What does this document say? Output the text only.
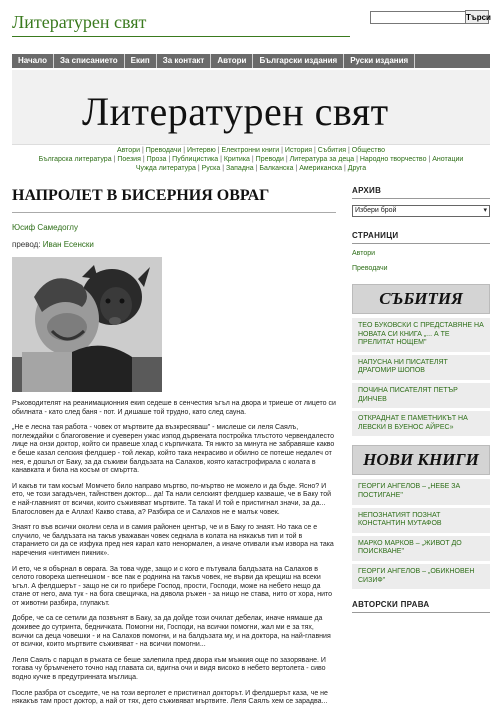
Литературен свят	Търси
Начало	За списанието	Екип	За контакт	Автори	Български издания	Руски издания
Литературен свят
Автори | Преводачи | Интервю | Електронни книги | История | Събития | Общество
Българска литература | Поезия | Проза | Публицистика | Критика | Преводи | Литература за деца | Народно творчество | Анотации
Чужда литература | Руска | Западна | Балканска | Американска | Друга
НАПРОЛЕТ В БИСЕРНИЯ ОВРАГ

Юсиф Самедоглу

превод: Иван Есенски

Ръководителят на реанимационния екип седеше в сенчестия ъгъл на двора и триеше от лицето си обилната - като след баня - пот. И дишаше той трудно, като след сауна.

„Не е лесна тая работа - човек от мъртвите да възкресяваш" - мислеше си леля Саялъ, поглеждайки с благоговение и суеверен ужас изпод дървената постройка тлъстото червендалесто лице на онзи доктор, който си правеше хлад с кърпичката. Тя никто за минута не забравяше какво е беше казал селския фелдшер - той лекар, който така некрасиво и обилно се потеше недалеч от нея, е дошъл от Баку, за да съживи балдъзата на Салахов, която катастрофирала с колата в канавката и била на косъм от смъртта.

И какъв ти там косъм! Момчето било направо мъртво, по-мъртво не можело и да бъде. Ясно? И ето, че този загадъчен, тайнствен доктор... да! Та нали селският фелдшер казваше, че в Баку той е най-главният от всички, които съживяват мъртвите. Та така! И той е пристигнал значи, за да... Благословен да е Аллах! Какво става, а? Разбира се и Салахов не е малък човек.

Знаят го във всички околни села и в самия районен център, че и в Баку го знаят. Но така се е случило, че балдъзата на такъв уважаван човек седнала в колата на някакъв тип и той в старанието си да се изфука пред нея карал като ненормален, а иначе отивали към извора на така наречения «интимен пикник».

И ето, че я обърнал в оврага. За това чуде, защо и с кого е пътувала балдъзата на Салахов в селото говореха шепнешком - все пак е роднина на такъв човек, не върви да крещиш на всеки ъгъл. А фелдшерът - защо не си го прибере Господ, прости, Господи, може на небето нещо да стане от него, ама тук - на бога свещичка, на дявола ръжен - за нищо не става, нито от хора, нито от животни разбира, глупакът.

Добре, че са се сетили да позвънят в Баку, за да дойде този очилат дебелак, иначе нямаше да доживее до сутринта, бедничката. Помогни ни, Господи, на всички помогни, жал ми е за тях, всички са деца човешки - и на Салахов помогни, и на балдъзата му, и на доктора, на най-главния от всички, които мъртвите съживяват - на всички помогни...

Леля Саялъ с парцал в ръката се беше залепила пред двора към мъжкия още по зазоряване. И тогава чу бръмченето точно над главата си, вдигна очи и видя високо в небето вертолета - сиво водно кучке в предутринната мъглица.

После разбра от съседите, че на този вертолет е пристигнал докторът. И фелдшерът каза, че не някакъв там прост доктор, а най от тях, дето съживяват мъртвите. Леля Саялъ хем се зарадва...

АРХИВ
Избери брой	▾
СТРАНИЦИ
Автори
Преводачи
СЪБИТИЯ
ТЕО БУКОВСКИ С ПРЕДСТАВЯНЕ НА НОВАТА СИ КНИГА „... А ТЕ ПРЕЛИТАТ НОЩЕМ"
НАПУСНА НИ ПИСАТЕЛЯТ ДРАГОМИР ШОПОВ
ПОЧИНА ПИСАТЕЛЯТ ПЕТЪР ДИНЧЕВ
ОТКРАДНАТ Е ПАМЕТНИКЪТ НА ЛЕВСКИ В БУЕНОС АЙРЕС»
НОВИ КНИГИ
ГЕОРГИ АНГЕЛОВ – „НЕБЕ ЗА ПОСТИГАНЕ"
НЕПОЗНАТИЯТ ПОЗНАТ КОНСТАНТИН МУТАФОВ
МАРКО МАРКОВ – „ЖИВОТ ДО ПОИСКВАНЕ"
ГЕОРГИ АНГЕЛОВ – „ОБИКНОВЕН СИЗИФ"
АВТОРСКИ ПРАВА
